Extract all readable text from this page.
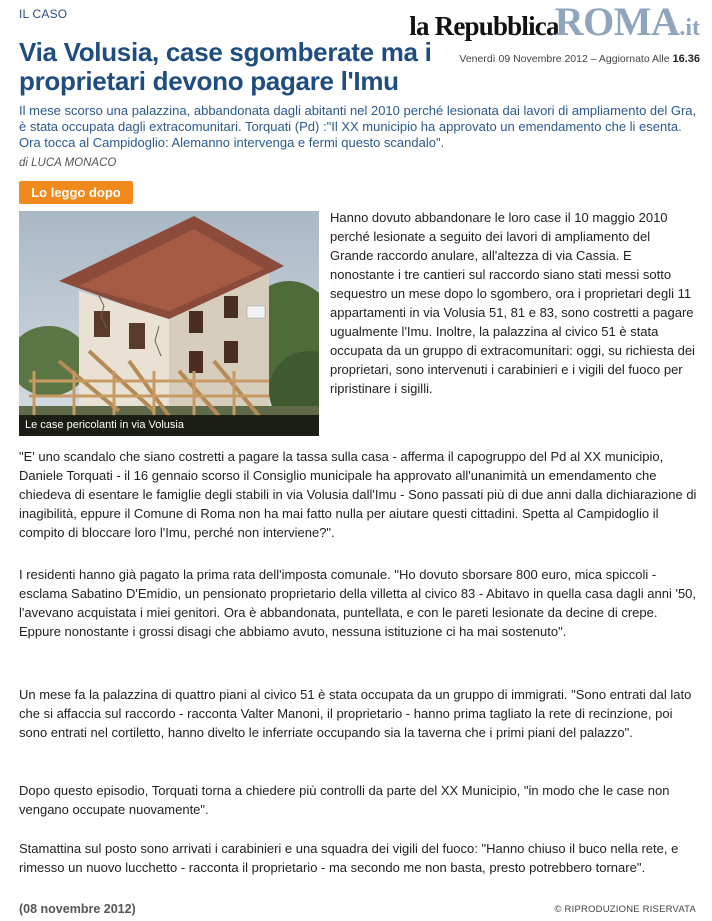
IL CASO	la Repubblica
ROMA .it
Via Volusia, case sgomberate ma i proprietari devono pagare l'Imu
Venerdì 09 Novembre 2012 – Aggiornato Alle 16.36

Il mese scorso una palazzina, abbandonata dagli abitanti nel 2010 perché lesionata dai lavori di ampliamento del Gra, è stata occupata dagli extracomunitari. Torquati (Pd) :"Il XX municipio ha approvato un emendamento che li esenta. Ora tocca al Campidoglio: Alemanno intervenga e fermi questo scandalo".

di LUCA MONACO
Lo leggo dopo
Le case pericolanti in via Volusia

Hanno dovuto abbandonare le loro case il 10 maggio 2010 perché lesionate a seguito dei lavori di ampliamento del Grande raccordo anulare, all'altezza di via Cassia. E nonostante i tre cantieri sul raccordo siano stati messi sotto sequestro un mese dopo lo sgombero, ora i proprietari degli 11 appartamenti in via Volusia 51, 81 e 83, sono costretti a pagare ugualmente l'Imu. Inoltre, la palazzina al civico 51 è stata occupata da un gruppo di extracomunitari: oggi, su richiesta dei proprietari, sono intervenuti i carabinieri e i vigili del fuoco per ripristinare i sigilli.

"E' uno scandalo che siano costretti a pagare la tassa sulla casa - afferma il capogruppo del Pd al XX municipio, Daniele Torquati - il 16 gennaio scorso il Consiglio municipale ha approvato all'unanimità un emendamento che chiedeva di esentare le famiglie degli stabili in via Volusia dall'Imu - Sono passati più di due anni dalla dichiarazione di inagibilità, eppure il Comune di Roma non ha mai fatto nulla per aiutare questi cittadini. Spetta al Campidoglio il compito di bloccare loro l'Imu, perché non interviene?".

I residenti hanno già pagato la prima rata dell'imposta comunale. "Ho dovuto sborsare 800 euro, mica spiccoli - esclama Sabatino D'Emidio, un pensionato proprietario della villetta al civico 83 - Abitavo in quella casa dagli anni '50, l'avevano acquistata i miei genitori. Ora è abbandonata, puntellata, e con le pareti lesionate da decine di crepe. Eppure nonostante i grossi disagi che abbiamo avuto, nessuna istituzione ci ha mai sostenuto".

Un mese fa la palazzina di quattro piani al civico 51 è stata occupata da un gruppo di immigrati. "Sono entrati dal lato che si affaccia sul raccordo - racconta Valter Manoni, il proprietario - hanno prima tagliato la rete di recinzione, poi sono entrati nel cortiletto, hanno divelto le inferriate occupando sia la taverna che i primi piani del palazzo".

Dopo questo episodio, Torquati torna a chiedere più controlli da parte del XX Municipio, "in modo che le case non vengano occupate nuovamente".

Stamattina sul posto sono arrivati i carabinieri e una squadra dei vigili del fuoco: "Hanno chiuso il buco nella rete, e rimesso un nuovo lucchetto - racconta il proprietario - ma secondo me non basta, presto potrebbero tornare".

(08 novembre 2012)	© RIPRODUZIONE RISERVATA
